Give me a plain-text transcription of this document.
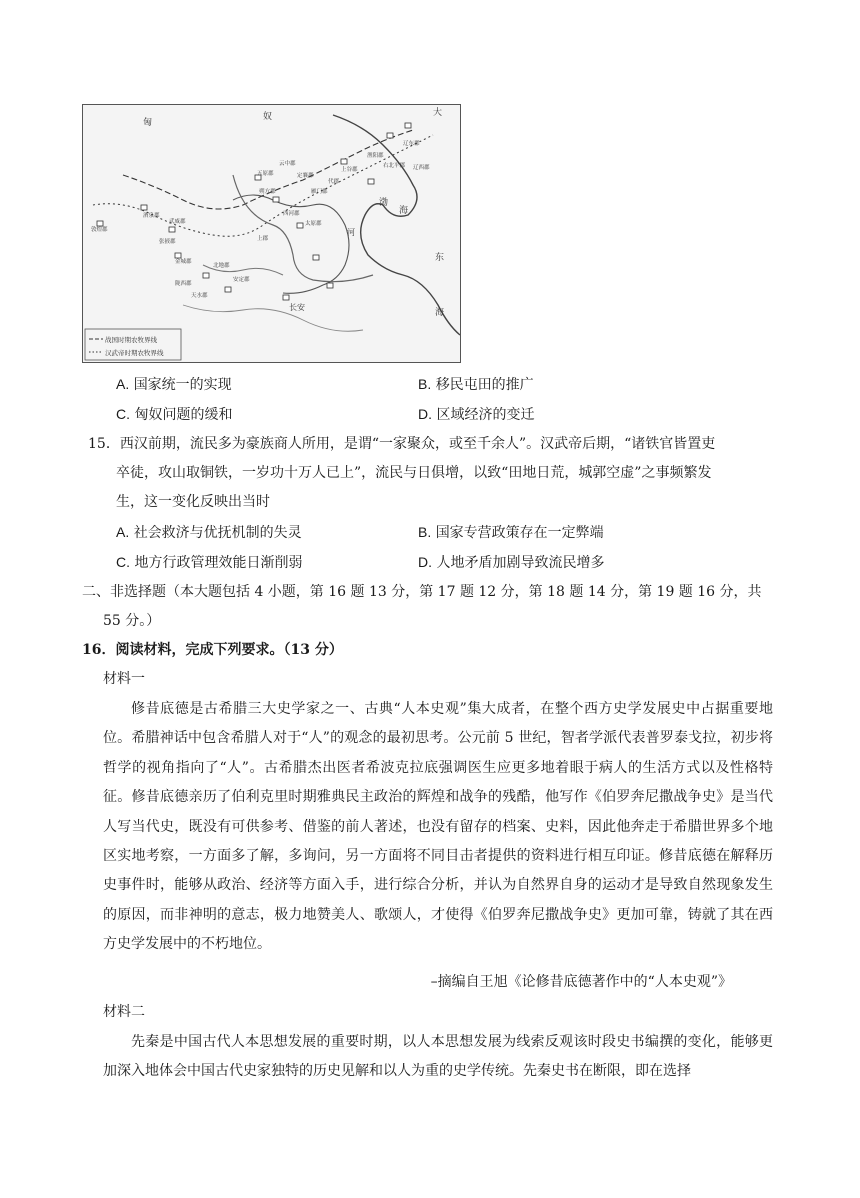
战国时期农牧界线
汉武帝时期农牧界线
匈
奴	大
长安
渤
海
东
海
敦煌郡
武威郡
辽东郡
上谷郡
代郡
上郡
酒泉郡
张掖郡
朔方郡
五原郡
云中郡
定襄郡
雁门郡
太原郡
北地郡
安定郡
天水郡
陇西郡
西河郡
渔阳郡
右北平郡 辽西郡
金城郡
河
A. 国家统一的实现	B. 移民屯田的推广
C. 匈奴问题的缓和	D. 区域经济的变迁
15．西汉前期，流民多为豪族商人所用，是谓“一家聚众，或至千余人”。汉武帝后期，“诸铁官皆置吏
卒徒，攻山取铜铁，一岁功十万人已上”，流民与日俱增，以致“田地日荒，城郭空虚”之事频繁发
生，这一变化反映出当时
A. 社会救济与优抚机制的失灵	B. 国家专营政策存在一定弊端
C. 地方行政管理效能日渐削弱	D. 人地矛盾加剧导致流民增多
二、非选择题（本大题包括 4 小题，第 16 题 13 分，第 17 题 12 分，第 18 题 14 分，第 19 题 16 分，共
55 分。）
16．阅读材料，完成下列要求。（13 分）
材料一
修昔底德是古希腊三大史学家之一、古典“人本史观”集大成者，在整个西方史学发展史中占据重要地位。希腊神话中包含希腊人对于“人”的观念的最初思考。公元前 5 世纪，智者学派代表普罗泰戈拉，初步将哲学的视角指向了“人”。古希腊杰出医者希波克拉底强调医生应更多地着眼于病人的生活方式以及性格特征。修昔底德亲历了伯利克里时期雅典民主政治的辉煌和战争的残酷，他写作《伯罗奔尼撒战争史》是当代人写当代史，既没有可供参考、借鉴的前人著述，也没有留存的档案、史料，因此他奔走于希腊世界多个地区实地考察，一方面多了解，多询问，另一方面将不同目击者提供的资料进行相互印证。修昔底德在解释历史事件时，能够从政治、经济等方面入手，进行综合分析，并认为自然界自身的运动才是导致自然现象发生的原因，而非神明的意志，极力地赞美人、歌颂人，才使得《伯罗奔尼撒战争史》更加可靠，铸就了其在西方史学发展中的不朽地位。
–摘编自王旭《论修昔底德著作中的“人本史观”》
材料二
先秦是中国古代人本思想发展的重要时期，以人本思想发展为线索反观该时段史书编撰的变化，能够更加深入地体会中国古代史家独特的历史见解和以人为重的史学传统。先秦史书在断限，即在选择
